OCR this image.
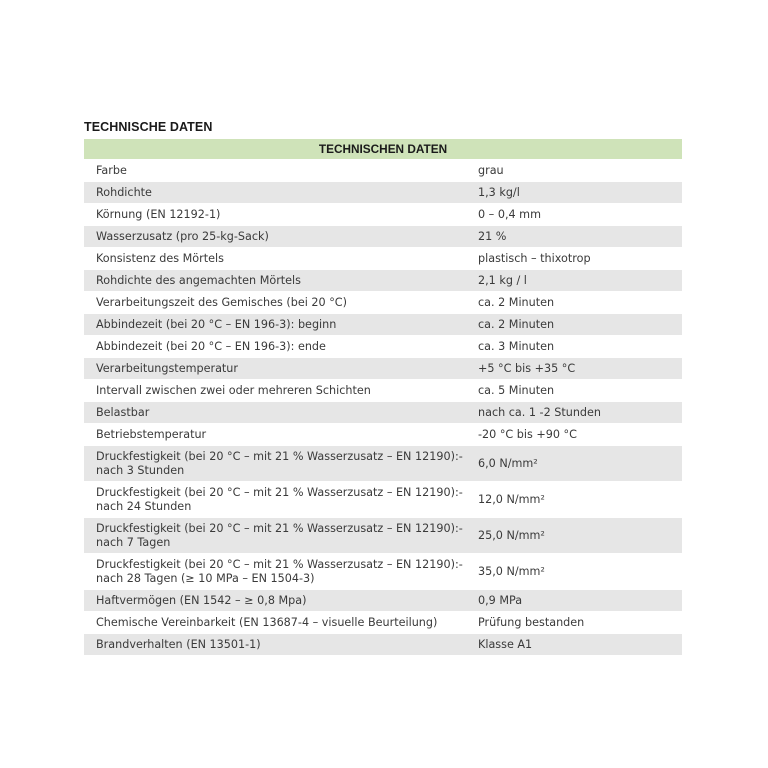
TECHNISCHE DATEN
TECHNISCHEN DATEN	
Farbe	grau
Rohdichte	1,3 kg/l
Körnung (EN 12192-1)	0 – 0,4 mm
Wasserzusatz (pro 25-kg-Sack)	21 %
Konsistenz des Mörtels	plastisch – thixotrop
Rohdichte des angemachten Mörtels	2,1 kg / l
Verarbeitungszeit des Gemisches (bei 20 °C)	ca. 2 Minuten
Abbindezeit (bei 20 °C – EN 196-3): beginn	ca. 2 Minuten
Abbindezeit (bei 20 °C – EN 196-3): ende	ca. 3 Minuten
Verarbeitungstemperatur	+5 °C bis +35 °C
Intervall zwischen zwei oder mehreren Schichten	ca. 5 Minuten
Belastbar	nach ca. 1 -2 Stunden
Betriebstemperatur	-20 °C bis +90 °C
Druckfestigkeit (bei 20 °C – mit 21 % Wasserzusatz – EN 12190):-
nach 3 Stunden	6,0 N/mm²
Druckfestigkeit (bei 20 °C – mit 21 % Wasserzusatz – EN 12190):-
nach 24 Stunden	12,0 N/mm²
Druckfestigkeit (bei 20 °C – mit 21 % Wasserzusatz – EN 12190):-
nach 7 Tagen	25,0 N/mm²
Druckfestigkeit (bei 20 °C – mit 21 % Wasserzusatz – EN 12190):-
nach 28 Tagen (≥ 10 MPa – EN 1504-3)	35,0 N/mm²
Haftvermögen (EN 1542 – ≥ 0,8 Mpa)	0,9 MPa
Chemische Vereinbarkeit (EN 13687-4 – visuelle Beurteilung)	Prüfung bestanden
Brandverhalten (EN 13501-1)	Klasse A1
